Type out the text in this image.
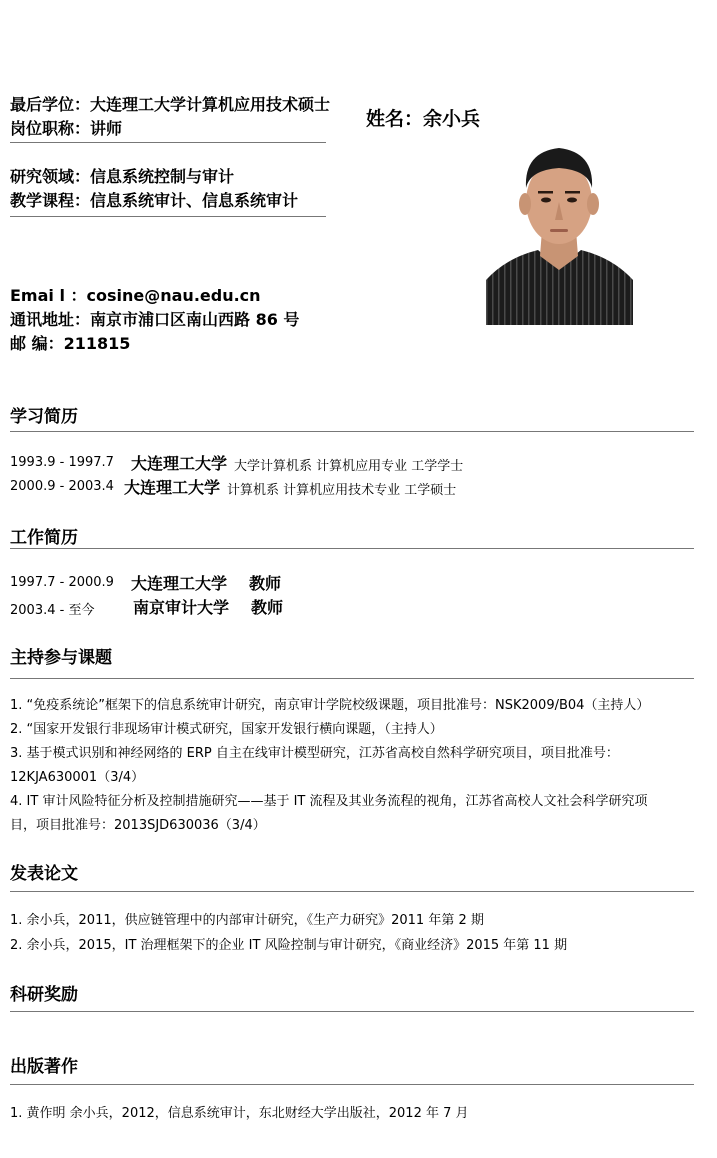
最后学位：大连理工大学计算机应用技术硕士
岗位职称：讲师	姓名：余小兵
研究领域：信息系统控制与审计
教学课程：信息系统审计、信息系统审计
Emai l ：cosine@nau.edu.cn
通讯地址：南京市浦口区南山西路 86 号
邮 编：211815
学习简历
1993.9 - 1997.7 大连理工大学 大学计算机系 计算机应用专业 工学学士
2000.9 - 2003.4 大连理工大学 计算机系 计算机应用技术专业 工学硕士
工作简历
1997.7 - 2000.9 大连理工大学 教师
2003.4 - 至今 南京审计大学 教师
主持参与课题
1. “免疫系统论”框架下的信息系统审计研究，南京审计学院校级课题，项目批准号：NSK2009/B04（主持人）
2. “国家开发银行非现场审计模式研究，国家开发银行横向课题，（主持人）
3. 基于模式识别和神经网络的 ERP 自主在线审计模型研究，江苏省高校自然科学研究项目，项目批准号：
12KJA630001（3/4）
4. IT 审计风险特征分析及控制措施研究——基于 IT 流程及其业务流程的视角，江苏省高校人文社会科学研究项
目，项目批准号：2013SJD630036（3/4）
发表论文
1. 余小兵，2011，供应链管理中的内部审计研究，《生产力研究》2011 年第 2 期
2. 余小兵，2015，IT 治理框架下的企业 IT 风险控制与审计研究，《商业经济》2015 年第 11 期
科研奖励
出版著作
1. 黄作明 余小兵，2012，信息系统审计，东北财经大学出版社，2012 年 7 月
